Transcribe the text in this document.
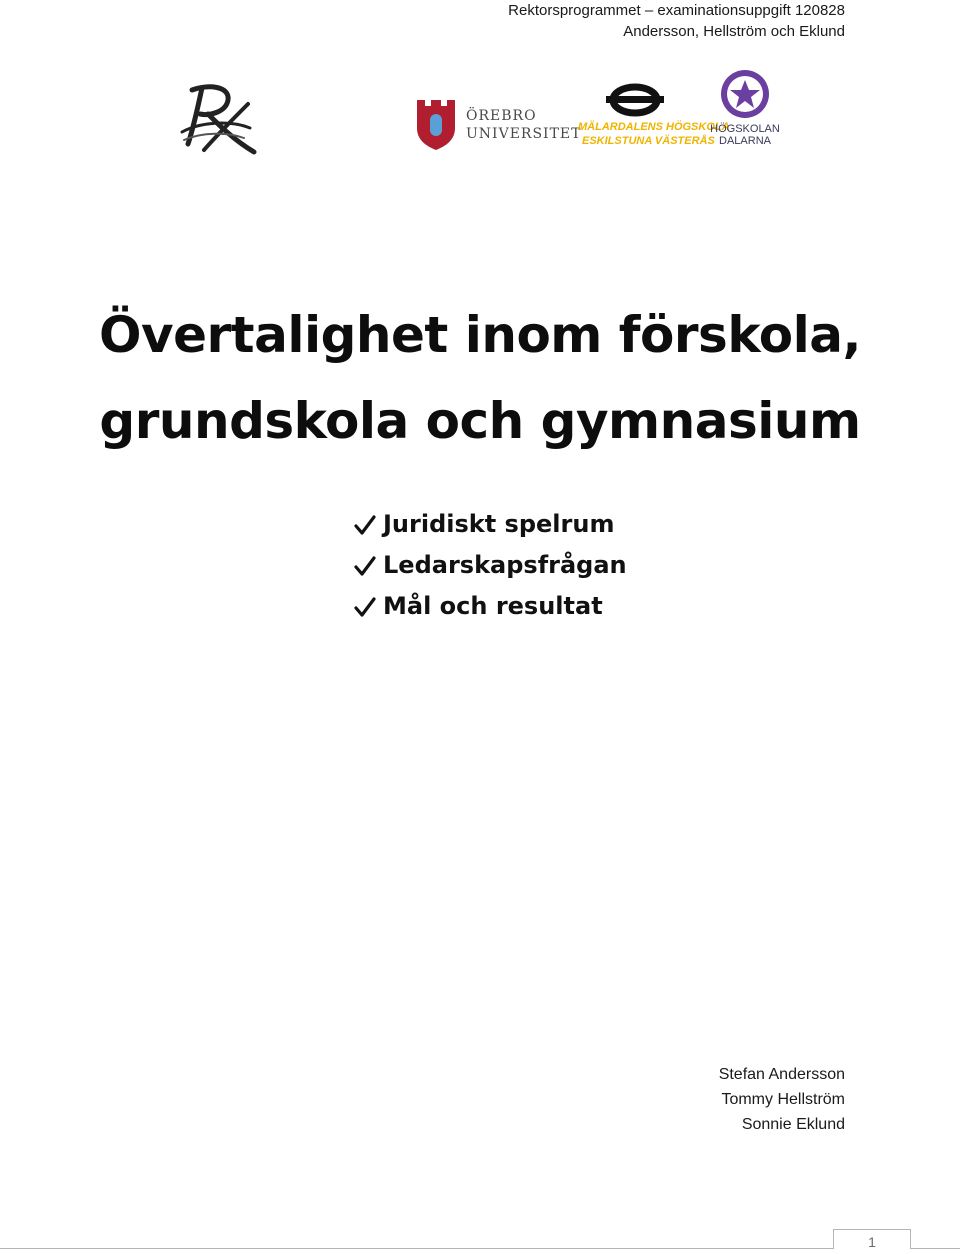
Rektorsprogrammet – examinationsuppgift 120828
Andersson, Hellström och Eklund
ÖREBRO
UNIVERSITET
MÄLARDALENS HÖGSKOLA
ESKILSTUNA VÄSTERÅS
HÖGSKOLAN
DALARNA
Övertalighet inom förskola,
grundskola och gymnasium
Juridiskt spelrum
Ledarskapsfrågan
Mål och resultat
Stefan Andersson
Tommy Hellström
Sonnie Eklund
1
